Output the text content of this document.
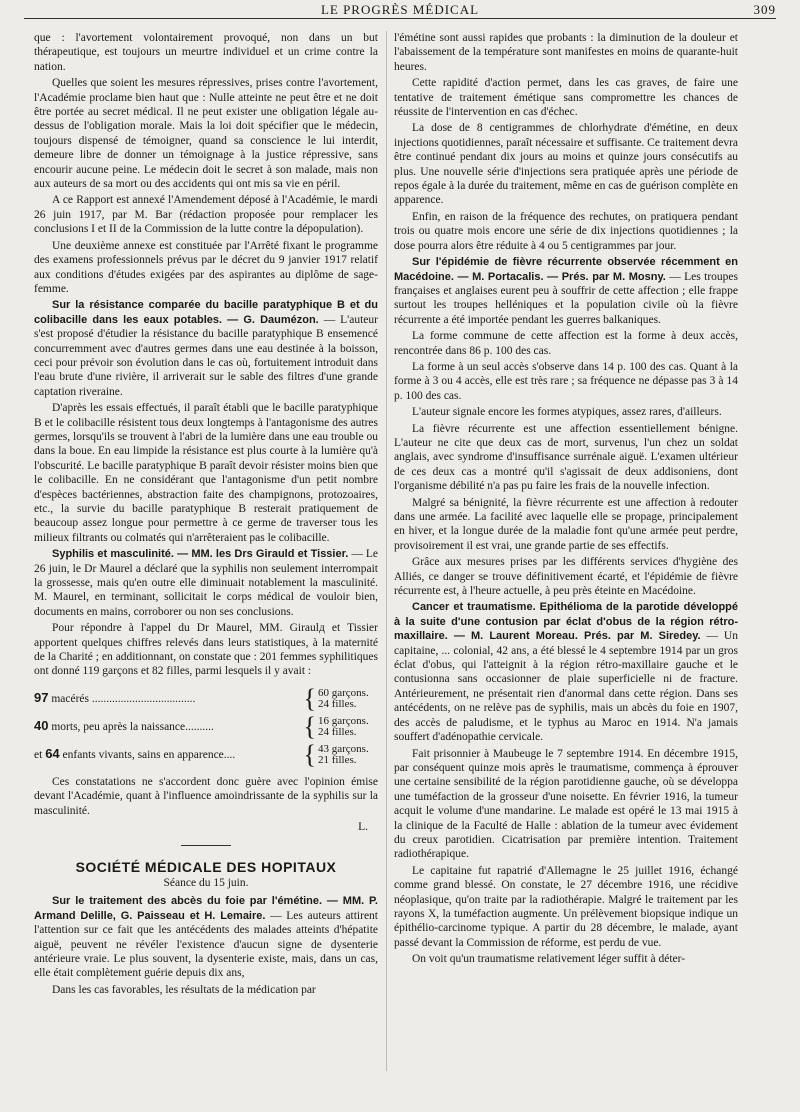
LE PROGRÈS MÉDICAL	309

que : l'avortement volontairement provoqué, non dans un but thérapeutique, est toujours un meurtre individuel et un crime contre la nation.

Quelles que soient les mesures répressives, prises contre l'avortement, l'Académie proclame bien haut que : Nulle atteinte ne peut être et ne doit être portée au secret médical. Il ne peut exister une obligation légale au-dessus de l'obligation morale. Mais la loi doit spécifier que le médecin, toujours dispensé de témoigner, quand sa conscience le lui interdit, demeure libre de donner un témoignage à la justice répressive, sans encourir aucune peine. Le médecin doit le secret à son malade, mais non aux auteurs de sa mort ou des accidents qui ont mis sa vie en péril.

A ce Rapport est annexé l'Amendement déposé à l'Académie, le mardi 26 juin 1917, par M. Bar (rédaction proposée pour remplacer les conclusions I et II de la Commission de la lutte contre la dépopulation).

Une deuxième annexe est constituée par l'Arrêté fixant le programme des examens professionnels prévus par le décret du 9 janvier 1917 relatif aux conditions d'études exigées par des aspirantes au diplôme de sage-femme.

Sur la résistance comparée du bacille paratyphique B et du colibacille dans les eaux potables. — G. Daumézon. — L'auteur s'est proposé d'étudier la résistance du bacille paratyphique B ensemencé concurremment avec d'autres germes dans une eau destinée à la boisson, ceci pour prévoir son évolution dans le cas où, fortuitement introduit dans l'eau brute d'une rivière, il arriverait sur le sable des filtres d'une grande captation riveraine.

D'après les essais effectués, il paraît établi que le bacille paratyphique B et le colibacille résistent tous deux longtemps à l'antagonisme des autres germes, lorsqu'ils se trouvent à l'abri de la lumière dans une eau trouble ou dans la boue. En eau limpide la résistance est plus courte à la lumière qu'à l'obscurité. Le bacille paratyphique B paraît devoir résister moins bien que le colibacille. En ne considérant que l'antagonisme d'un petit nombre d'espèces bactériennes, abstraction faite des champignons, protozoaires, etc., la survie du bacille paratyphique B resterait pratiquement de beaucoup assez longue pour permettre à ce germe de traverser tous les milieux filtrants ou colmatés qui n'arrêteraient pas le colibacille.

Syphilis et masculinité. — MM. les Drs Girauld et Tissier. — Le 26 juin, le Dr Maurel a déclaré que la syphilis non seulement interrompait la grossesse, mais qu'en outre elle diminuait notablement la masculinité. M. Maurel, en terminant, sollicitait le corps médical de vouloir bien, documents en mains, corroborer ou non ses conclusions.

Pour répondre à l'appel du Dr Maurel, MM. Giraulд et Tissier apportent quelques chiffres relevés dans leurs statistiques, à la maternité de la Charité ; en additionnant, on constate que : 201 femmes syphilitiques ont donné 119 garçons et 82 filles, parmi lesquels il y avait :

97 macérés ....................................	{ 60 garçons.
24 filles.
40 morts, peu après la naissance..........	{ 16 garçons.
24 filles.
et 64 enfants vivants, sains en apparence....	{ 43 garçons.
21 filles.

Ces constatations ne s'accordent donc guère avec l'opinion émise devant l'Académie, quant à l'influence amoindrissante de la syphilis sur la masculinité.

L.
SOCIÉTÉ MÉDICALE DES HOPITAUX
Séance du 15 juin.

Sur le traitement des abcès du foie par l'émétine. — MM. P. Armand Delille, G. Paisseau et H. Lemaire. — Les auteurs attirent l'attention sur ce fait que les antécédents des malades atteints d'hépatite aiguë, peuvent ne révéler l'existence d'aucun signe de dysenterie antérieure vraie. Le plus souvent, la dysenterie existe, mais, dans un cas, elle était complètement guérie depuis dix ans,

Dans les cas favorables, les résultats de la médication par

l'émétine sont aussi rapides que probants : la diminution de la douleur et l'abaissement de la température sont manifestes en moins de quarante-huit heures.

Cette rapidité d'action permet, dans les cas graves, de faire une tentative de traitement émétique sans compromettre les chances de réussite de l'intervention en cas d'échec.

La dose de 8 centigrammes de chlorhydrate d'émétine, en deux injections quotidiennes, paraît nécessaire et suffisante. Ce traitement devra être continué pendant dix jours au moins et quinze jours consécutifs au plus. Une nouvelle série d'injections sera pratiquée après une période de repos égale à la durée du traitement, même en cas de guérison complète en apparence.

Enfin, en raison de la fréquence des rechutes, on pratiquera pendant trois ou quatre mois encore une série de dix injections quotidiennes ; la dose pourra alors être réduite à 4 ou 5 centigrammes par jour.

Sur l'épidémie de fièvre récurrente observée récemment en Macédoine. — M. Portacalis. — Prés. par M. Mosny. — Les troupes françaises et anglaises eurent peu à souffrir de cette affection ; elle frappe surtout les troupes helléniques et la population civile où la fièvre récurrente a été importée pendant les guerres balkaniques.

La forme commune de cette affection est la forme à deux accès, rencontrée dans 86 p. 100 des cas.

La forme à un seul accès s'observe dans 14 p. 100 des cas. Quant à la forme à 3 ou 4 accès, elle est très rare ; sa fréquence ne dépasse pas 3 à 14 p. 100 des cas.

L'auteur signale encore les formes atypiques, assez rares, d'ailleurs.

La fièvre récurrente est une affection essentiellement bénigne. L'auteur ne cite que deux cas de mort, survenus, l'un chez un soldat anglais, avec syndrome d'insuffisance surrénale aiguë. L'examen ultérieur de ces deux cas a montré qu'il s'agissait de deux addisoniens, dont l'organisme débilité n'a pas pu faire les frais de la nouvelle infection.

Malgré sa bénignité, la fièvre récurrente est une affection à redouter dans une armée. La facilité avec laquelle elle se propage, principalement en hiver, et la longue durée de la maladie font qu'une armée peut perdre, provisoirement il est vrai, une grande partie de ses effectifs.

Grâce aux mesures prises par les différents services d'hygiène des Alliés, ce danger se trouve définitivement écarté, et l'épidémie de fièvre récurrente est, à l'heure actuelle, à peu près éteinte en Macédoine.

Cancer et traumatisme. Epithélioma de la parotide développé à la suite d'une contusion par éclat d'obus de la région rétro-maxillaire. — M. Laurent Moreau. Prés. par M. Siredey. — Un capitaine, ... colonial, 42 ans, a été blessé le 4 septembre 1914 par un gros éclat d'obus, qui l'atteignit à la région rétro-maxillaire gauche et le contusionna sans occasionner de plaie superficielle ni de fracture. Antérieurement, ne présentait rien d'anormal dans cette région. Dans ses antécédents, on ne relève pas de syphilis, mais un abcès du foie en 1907, des accès de paludisme, et le typhus au Maroc en 1914. N'a jamais souffert d'adénopathie cervicale.

Fait prisonnier à Maubeuge le 7 septembre 1914. En décembre 1915, par conséquent quinze mois après le traumatisme, commença à éprouver une certaine sensibilité de la région parotidienne gauche, où se développa une tuméfaction de la grosseur d'une noisette. En février 1916, la tumeur acquit le volume d'une mandarine. Le malade est opéré le 13 mai 1915 à la clinique de la Faculté de Halle : ablation de la tumeur avec évidement du creux parotidien. Cicatrisation par première intention. Traitement radiothérapique.

Le capitaine fut rapatrié d'Allemagne le 25 juillet 1916, échangé comme grand blessé. On constate, le 27 décembre 1916, une récidive néoplasique, qu'on traite par la radiothérapie. Malgré le traitement par les rayons X, la tuméfaction augmente. Un prélèvement biopsique indique un épithélio-carcinome typique. A partir du 28 décembre, le malade, ayant passé devant la Commission de réforme, est perdu de vue.

On voit qu'un traumatisme relativement léger suffit à déter-
